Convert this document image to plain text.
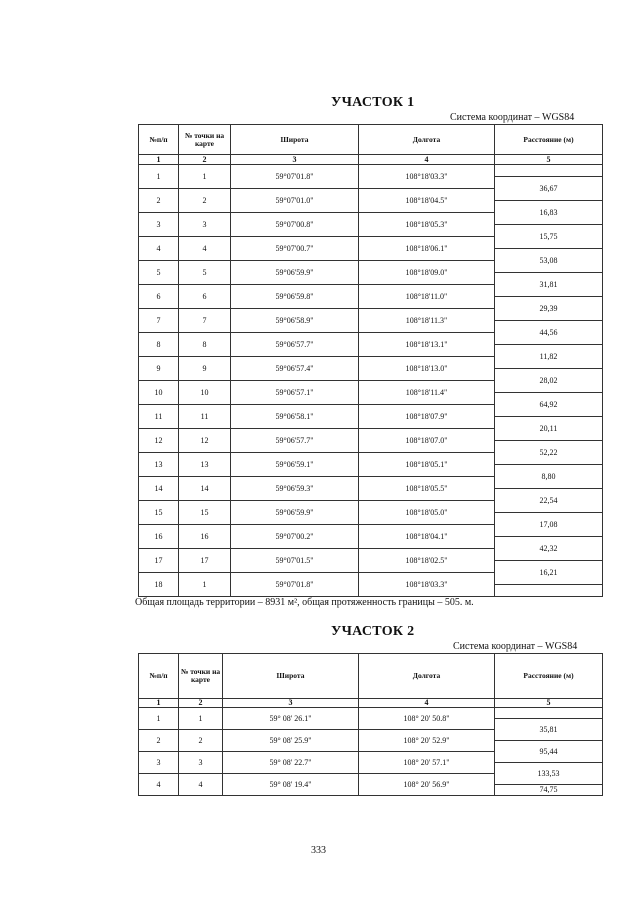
УЧАСТОК 1
Система координат – WGS84
№п/п	№ точки на карте	Широта	Долгота	Расстояние (м)
1	2	3	4	5
1	1	59°07'01.8"	108°18'03.3"	
				36,67
2	2	59°07'01.0"	108°18'04.5"	
				16,83
3	3	59°07'00.8"	108°18'05.3"	
				15,75
4	4	59°07'00.7"	108°18'06.1"	
				53,08
5	5	59°06'59.9"	108°18'09.0"	
				31,81
6	6	59°06'59.8"	108°18'11.0"	
				29,39
7	7	59°06'58.9"	108°18'11.3"	
				44,56
8	8	59°06'57.7"	108°18'13.1"	
				11,82
9	9	59°06'57.4"	108°18'13.0"	
				28,02
10	10	59°06'57.1"	108°18'11.4"	
				64,92
11	11	59°06'58.1"	108°18'07.9"	
				20,11
12	12	59°06'57.7"	108°18'07.0"	
				52,22
13	13	59°06'59.1"	108°18'05.1"	
				8,80
14	14	59°06'59.3"	108°18'05.5"	
				22,54
15	15	59°06'59.9"	108°18'05.0"	
				17,08
16	16	59°07'00.2"	108°18'04.1"	
				42,32
17	17	59°07'01.5"	108°18'02.5"	
				16,21
18	1	59°07'01.8"	108°18'03.3"	

Общая площадь территории – 8931 м², общая протяженность границы – 505. м.
УЧАСТОК 2
Система координат – WGS84
№п/п	№ точки на карте	Широта	Долгота	Расстояние (м)
1	2	3	4	5
1	1	59° 08' 26.1"	108° 20' 50.8"	
				35,81
2	2	59° 08' 25.9"	108° 20' 52.9"	
				95,44
3	3	59° 08' 22.7"	108° 20' 57.1"	
				133,53
4	4	59° 08' 19.4"	108° 20' 56.9"	
				74,75
333
